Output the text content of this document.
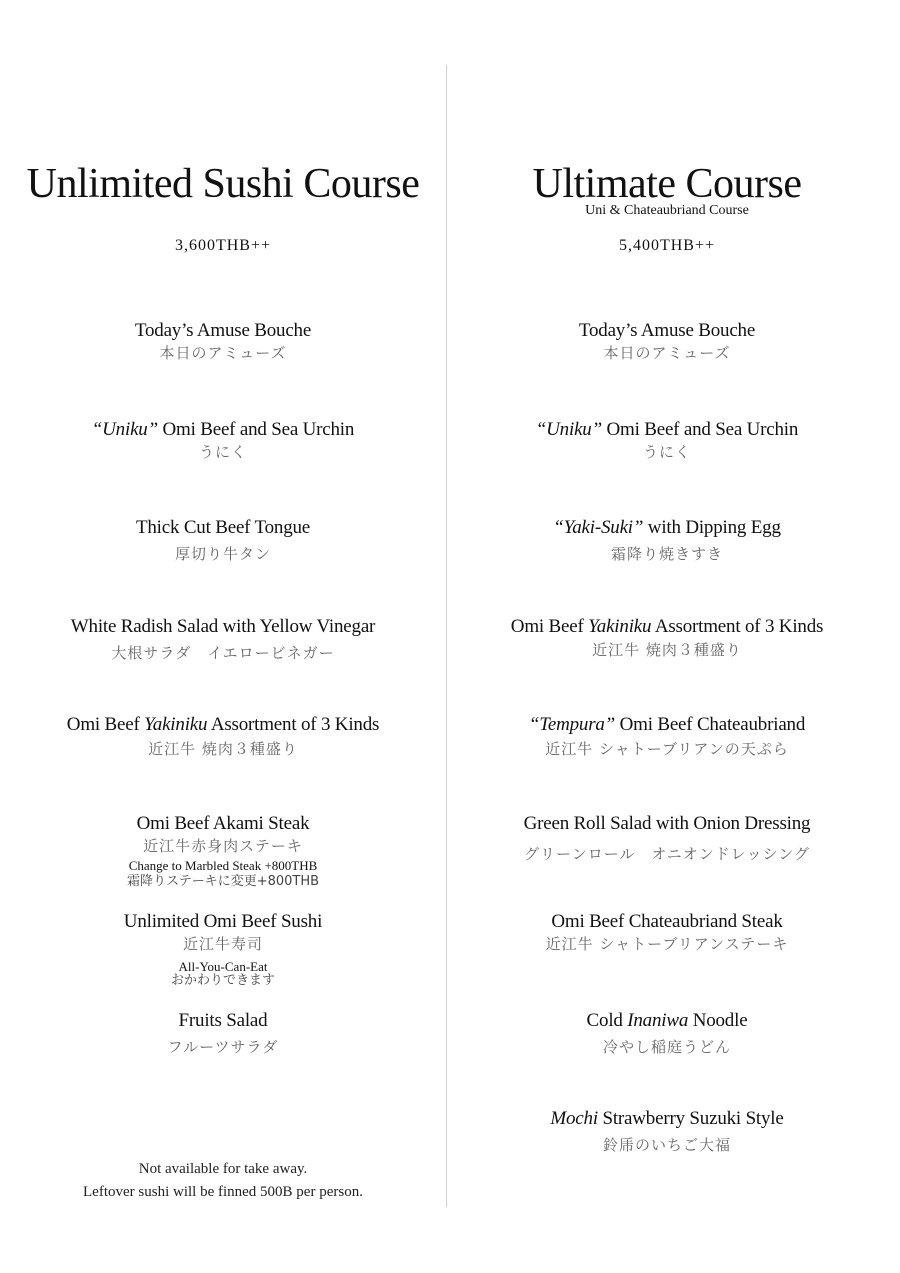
Unlimited Sushi Course
3,600THB++
Today’s Amuse Bouche
本日のアミューズ
“Uniku” Omi Beef and Sea Urchin
うにく
Thick Cut Beef Tongue
厚切り牛タン
White Radish Salad with Yellow Vinegar
大根サラダ　イエロービネガー
Omi Beef Yakiniku Assortment of 3 Kinds
近江牛 焼肉３種盛り
Omi Beef Akami Steak
近江牛赤身肉ステーキ
Change to Marbled Steak +800THB
霜降りステーキに変更+800THB
Unlimited Omi Beef Sushi
近江牛寿司
All-You-Can-Eat
おかわりできます
Fruits Salad
フルーツサラダ
Not available for take away.
Leftover sushi will be finned 500B per person.
Ultimate Course
Uni & Chateaubriand Course
5,400THB++
Today’s Amuse Bouche
本日のアミューズ
“Uniku” Omi Beef and Sea Urchin
うにく
“Yaki-Suki” with Dipping Egg
霜降り焼きすき
Omi Beef Yakiniku Assortment of 3 Kinds
近江牛 焼肉３種盛り
“Tempura” Omi Beef Chateaubriand
近江牛 シャトーブリアンの天ぷら
Green Roll Salad with Onion Dressing
グリーンロール　オニオンドレッシング
Omi Beef Chateaubriand Steak
近江牛 シャトーブリアンステーキ
Cold Inaniwa Noodle
冷やし稲庭うどん
Mochi Strawberry Suzuki Style
鈴乕のいちご大福
